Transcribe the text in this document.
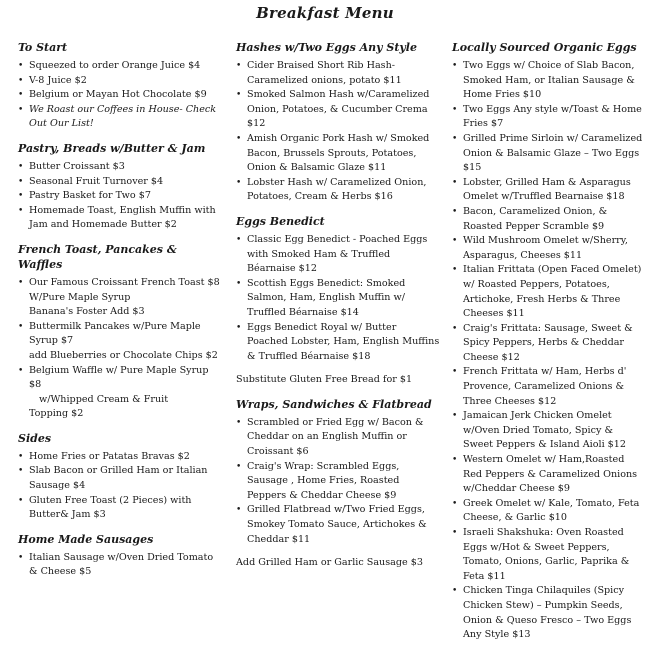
Breakfast Menu
To Start
• Squeezed to order Orange Juice $4
• V-8 Juice $2
• Belgium or Mayan Hot Chocolate $9
• We Roast our Coffees in House- Check Out Our List!
Pastry, Breads w/Butter & Jam
• Butter Croissant $3
• Seasonal Fruit Turnover $4
• Pastry Basket for Two $7
• Homemade Toast, English Muffin with Jam and Homemade Butter $2
French Toast, Pancakes & Waffles
• Our Famous Croissant French Toast $8
W/Pure Maple Syrup
Banana's Foster Add $3
• Buttermilk Pancakes w/Pure Maple Syrup $7
add Blueberries or Chocolate Chips $2
• Belgium Waffle w/ Pure Maple Syrup $8
w/Whipped Cream & Fruit
Topping $2
Sides
• Home Fries or Patatas Bravas $2
• Slab Bacon or Grilled Ham or Italian Sausage $4
• Gluten Free Toast (2 Pieces) with Butter& Jam $3
Home Made Sausages
• Italian Sausage w/Oven Dried Tomato & Cheese $5
Hashes w/Two Eggs Any Style
• Cider Braised Short Rib Hash- Caramelized onions, potato $11
• Smoked Salmon Hash w/Caramelized Onion, Potatoes, & Cucumber Crema $12
• Amish Organic Pork Hash w/ Smoked Bacon, Brussels Sprouts, Potatoes, Onion & Balsamic Glaze $11
• Lobster Hash w/ Caramelized Onion, Potatoes, Cream & Herbs $16
Eggs Benedict
• Classic Egg Benedict - Poached Eggs with Smoked Ham & Truffled Béarnaise $12
• Scottish Eggs Benedict: Smoked Salmon, Ham, English Muffin w/ Truffled Béarnaise $14
• Eggs Benedict Royal w/ Butter Poached Lobster, Ham, English Muffins & Truffled Béarnaise $18
Substitute Gluten Free Bread for $1
Wraps, Sandwiches & Flatbread
• Scrambled or Fried Egg w/ Bacon & Cheddar on an English Muffin or Croissant $6
• Craig's Wrap: Scrambled Eggs, Sausage , Home Fries, Roasted Peppers & Cheddar Cheese $9
• Grilled Flatbread w/Two Fried Eggs, Smokey Tomato Sauce, Artichokes & Cheddar $11
Add Grilled Ham or Garlic Sausage $3
Locally Sourced Organic Eggs
• Two Eggs w/ Choice of Slab Bacon, Smoked Ham, or Italian Sausage & Home Fries $10
• Two Eggs Any style w/Toast & Home Fries $7
• Grilled Prime Sirloin w/ Caramelized Onion & Balsamic Glaze – Two Eggs $15
• Lobster, Grilled Ham & Asparagus Omelet w/Truffled Bearnaise $18
• Bacon, Caramelized Onion, & Roasted Pepper Scramble $9
• Wild Mushroom Omelet w/Sherry, Asparagus, Cheeses $11
• Italian Frittata (Open Faced Omelet) w/ Roasted Peppers, Potatoes, Artichoke, Fresh Herbs & Three Cheeses $11
• Craig's Frittata: Sausage, Sweet & Spicy Peppers, Herbs & Cheddar Cheese $12
• French Frittata w/ Ham, Herbs d' Provence, Caramelized Onions & Three Cheeses $12
• Jamaican Jerk Chicken Omelet w/Oven Dried Tomato, Spicy & Sweet Peppers & Island Aioli $12
• Western Omelet w/ Ham,Roasted Red Peppers & Caramelized Onions w/Cheddar Cheese $9
• Greek Omelet w/ Kale, Tomato, Feta Cheese, & Garlic $10
• Israeli Shakshuka: Oven Roasted Eggs w/Hot & Sweet Peppers, Tomato, Onions, Garlic, Paprika & Feta $11
• Chicken Tinga Chilaquiles (Spicy Chicken Stew) – Pumpkin Seeds, Onion & Queso Fresco – Two Eggs Any Style $13
